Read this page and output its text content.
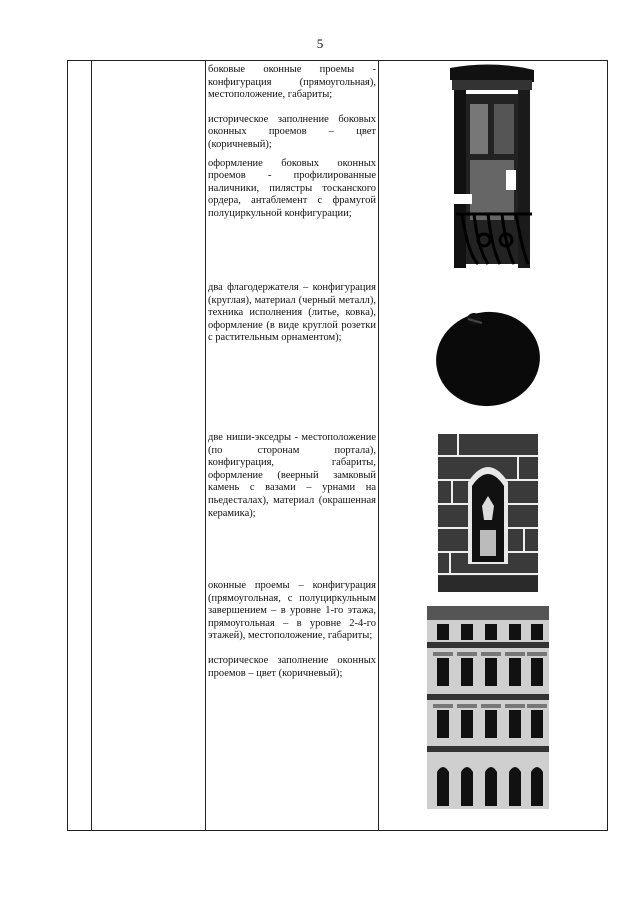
5

боковые оконные проемы - конфигурация (прямоугольная), местоположение, габариты;

историческое заполнение боковых оконных проемов – цвет (коричневый);

оформление боковых оконных проемов - профилированные наличники, пилястры тосканского ордера, антаблемент с фрамугой полуциркульной конфигурации;

два флагодержателя – конфигурация (круглая), материал (черный металл), техника исполнения (литье, ковка), оформление (в виде круглой розетки с растительным орнаментом);

две ниши-экседры - местоположение (по сторонам портала), конфигурация, габариты, оформление (веерный замковый камень с вазами – урнами на пьедесталах), материал (окрашенная керамика);

оконные проемы – конфигурация (прямоугольная, с полуциркульным завершением – в уровне 1-го этажа, прямоугольная – в уровне 2-4-го этажей), местоположение, габариты;

историческое заполнение оконных проемов – цвет (коричневый);
